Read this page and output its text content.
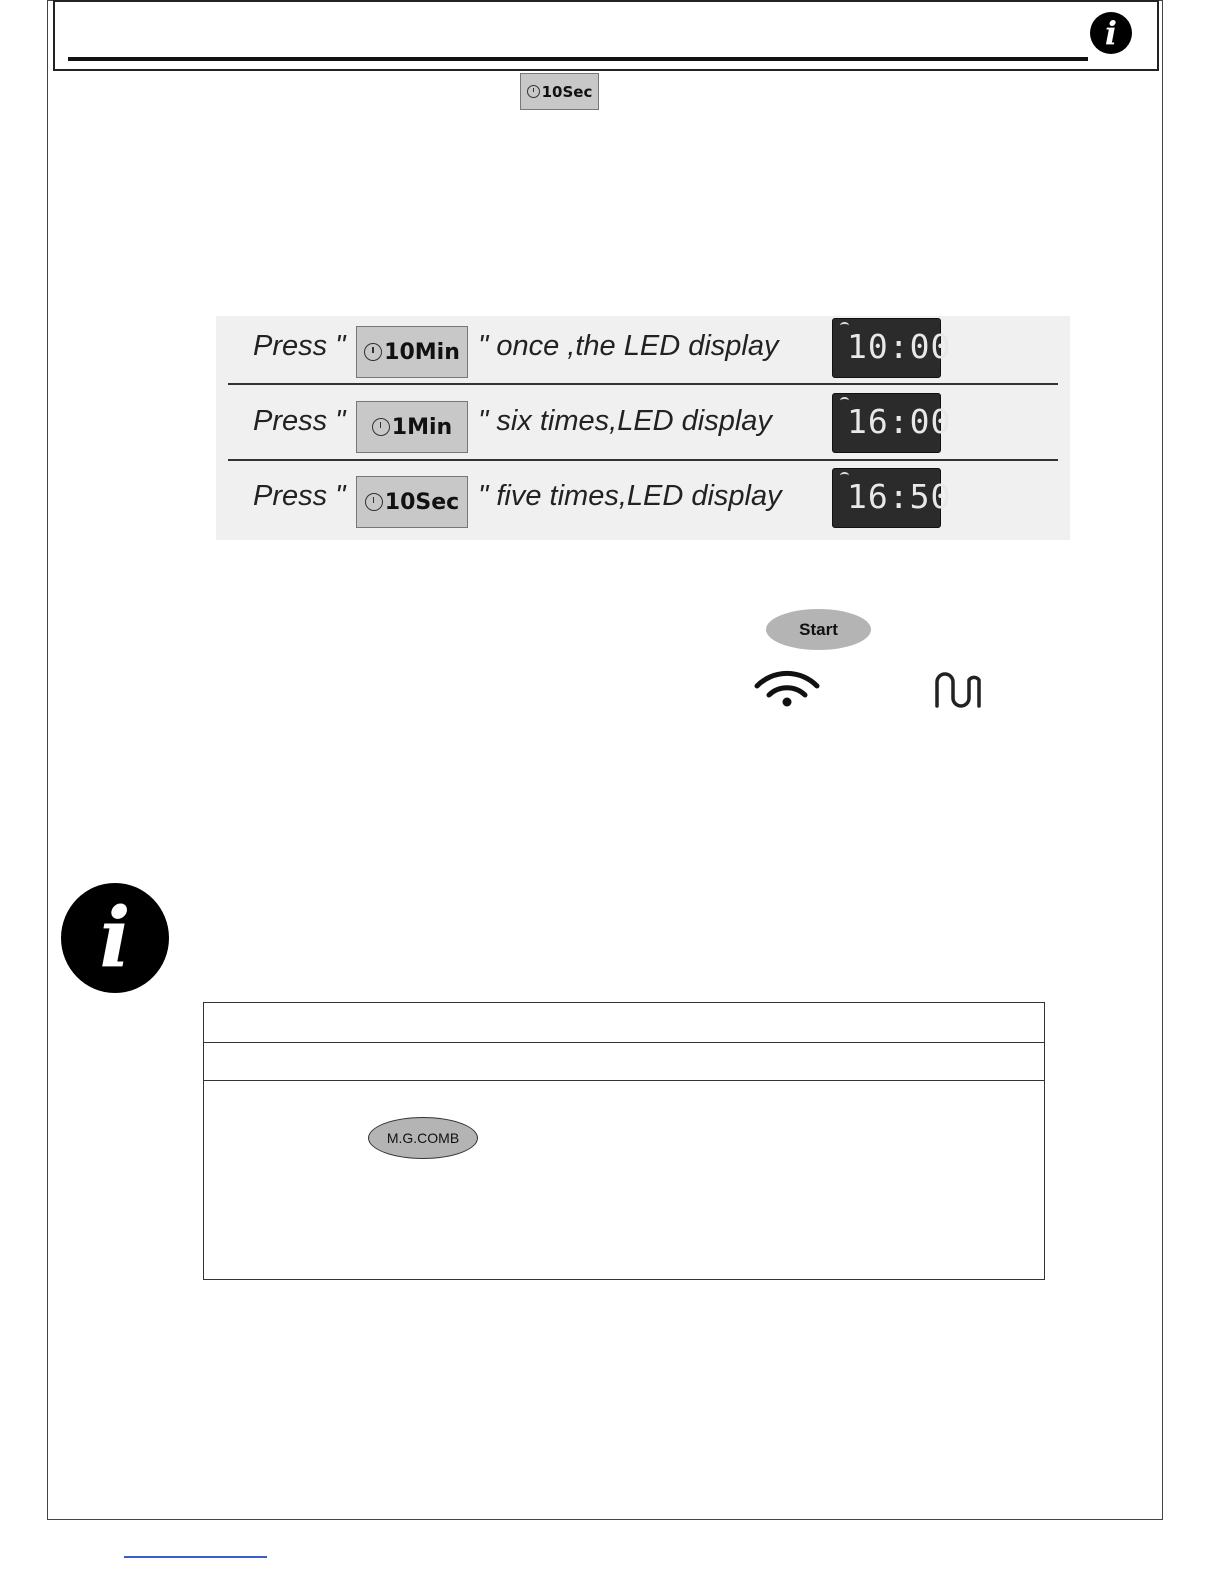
i
10Sec
Press " 10Min " once ,the LED display 10:00
Press " 1Min " six times,LED display 16:00
Press " 10Sec " five times,LED display 16:50
Start
i
M.G.COMB
